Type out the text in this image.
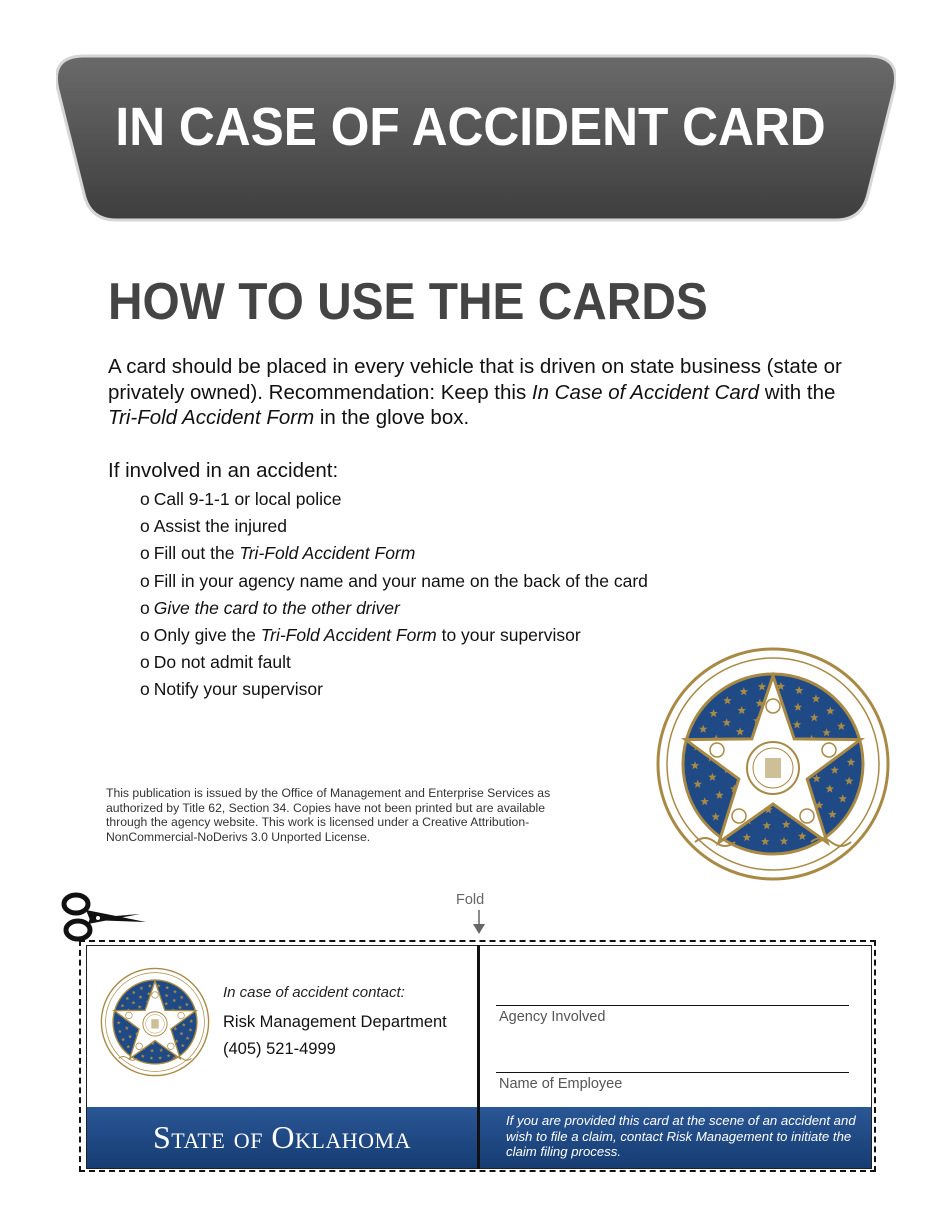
IN CASE OF ACCIDENT CARD
HOW TO USE THE CARDS

A card should be placed in every vehicle that is driven on state business (state or privately owned). Recommendation: Keep this In Case of Accident Card with the Tri-Fold Accident Form in the glove box.

If involved in an accident:

o Call 9-1-1 or local police
o Assist the injured
o Fill out the Tri-Fold Accident Form
o Fill in your agency name and your name on the back of the card
o Give the card to the other driver
o Only give the Tri-Fold Accident Form to your supervisor
o Do not admit fault
o Notify your supervisor

This publication is issued by the Office of Management and Enterprise Services as authorized by Title 62, Section 34. Copies have not been printed but are available through the agency website. This work is licensed under a Creative Attribution-NonCommercial-NoDerivs 3.0 Unported License.

Fold

In case of accident contact:

Risk Management Department

(405) 521-4999

Agency Involved

Name of Employee

State of Oklahoma	If you are provided this card at the scene of an accident and wish to file a claim, contact Risk Management to initiate the claim filing process.
